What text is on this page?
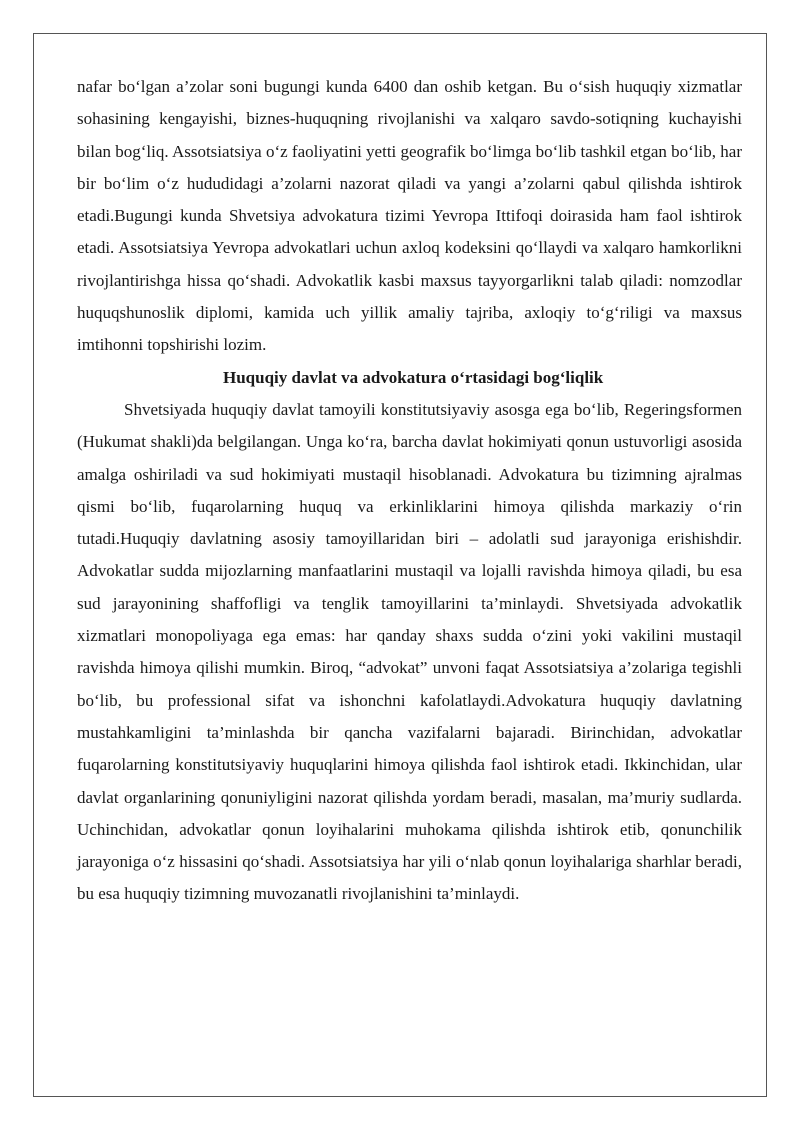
nafar bo‘lgan a’zolar soni bugungi kunda 6400 dan oshib ketgan. Bu o‘sish huquqiy xizmatlar sohasining kengayishi, biznes-huquqning rivojlanishi va xalqaro savdo-sotiqning kuchayishi bilan bog‘liq. Assotsiatsiya o‘z faoliyatini yetti geografik bo‘limga bo‘lib tashkil etgan bo‘lib, har bir bo‘lim o‘z hududidagi a’zolarni nazorat qiladi va yangi a’zolarni qabul qilishda ishtirok etadi.Bugungi kunda Shvetsiya advokatura tizimi Yevropa Ittifoqi doirasida ham faol ishtirok etadi. Assotsiatsiya Yevropa advokatlari uchun axloq kodeksini qo‘llaydi va xalqaro hamkorlikni rivojlantirishga hissa qo‘shadi. Advokatlik kasbi maxsus tayyorgarlikni talab qiladi: nomzodlar huquqshunoslik diplomi, kamida uch yillik amaliy tajriba, axloqiy to‘g‘riligi va maxsus imtihonni topshirishi lozim.

Huquqiy davlat va advokatura o‘rtasidagi bog‘liqlik

Shvetsiyada huquqiy davlat tamoyili konstitutsiyaviy asosga ega bo‘lib, Regeringsformen (Hukumat shakli)da belgilangan. Unga ko‘ra, barcha davlat hokimiyati qonun ustuvorligi asosida amalga oshiriladi va sud hokimiyati mustaqil hisoblanadi. Advokatura bu tizimning ajralmas qismi bo‘lib, fuqarolarning huquq va erkinliklarini himoya qilishda markaziy o‘rin tutadi.Huquqiy davlatning asosiy tamoyillaridan biri – adolatli sud jarayoniga erishishdir. Advokatlar sudda mijozlarning manfaatlarini mustaqil va lojalli ravishda himoya qiladi, bu esa sud jarayonining shaffofligi va tenglik tamoyillarini ta’minlaydi. Shvetsiyada advokatlik xizmatlari monopoliyaga ega emas: har qanday shaxs sudda o‘zini yoki vakilini mustaqil ravishda himoya qilishi mumkin. Biroq, “advokat” unvoni faqat Assotsiatsiya a’zolariga tegishli bo‘lib, bu professional sifat va ishonchni kafolatlaydi.Advokatura huquqiy davlatning mustahkamligini ta’minlashda bir qancha vazifalarni bajaradi. Birinchidan, advokatlar fuqarolarning konstitutsiyaviy huquqlarini himoya qilishda faol ishtirok etadi. Ikkinchidan, ular davlat organlarining qonuniyligini nazorat qilishda yordam beradi, masalan, ma’muriy sudlarda. Uchinchidan, advokatlar qonun loyihalarini muhokama qilishda ishtirok etib, qonunchilik jarayoniga o‘z hissasini qo‘shadi. Assotsiatsiya har yili o‘nlab qonun loyihalariga sharhlar beradi, bu esa huquqiy tizimning muvozanatli rivojlanishini ta’minlaydi.
